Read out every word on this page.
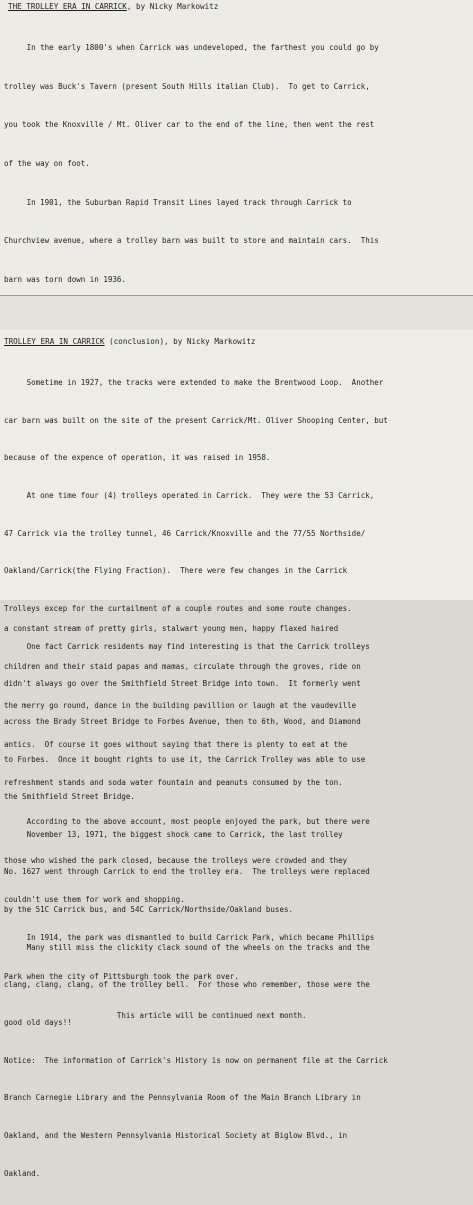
THE TROLLEY ERA IN CARRICK, by Nicky Markowitz

In the early 1800's when Carrick was undeveloped, the farthest you could go by

trolley was Buck's Tavern (present South Hills italian Club).  To get to Carrick,

you took the Knoxville / Mt. Oliver car to the end of the line, then went the rest

of the way on foot.

In 1901, the Suburban Rapid Transit Lines layed track through Carrick to

Churchview avenue, where a trolley barn was built to store and maintain cars.  This

barn was torn down in 1936.

a constant stream of pretty girls, stalwart young men, happy flaxed haired

children and their staid papas and mamas, circulate through the groves, ride on

the merry go round, dance in the building pavillion or laugh at the vaudeville

antics.  Of course it goes without saying that there is plenty to eat at the

refreshment stands and soda water fountain and peanuts consumed by the ton.

According to the above account, most people enjoyed the park, but there were

those who wished the park closed, because the trolleys were crowded and they

couldn't use them for work and shopping.

In 1914, the park was dismantled to build Carrick Park, which became Phillips

Park when the city of Pittsburgh took the park over.

This article will be continued next month.

TROLLEY ERA IN CARRICK (conclusion), by Nicky Markowitz

Sometime in 1927, the tracks were extended to make the Brentwood Loop.  Another

car barn was built on the site of the present Carrick/Mt. Oliver Shooping Center, but

because of the expence of operation, it was raised in 1958.

At one time four (4) trolleys operated in Carrick.  They were the 53 Carrick,

47 Carrick via the trolley tunnel, 46 Carrick/Knoxville and the 77/55 Northside/

Oakland/Carrick(the Flying Fraction).  There were few changes in the Carrick

Trolleys excep for the curtailment of a couple routes and some route changes.

One fact Carrick residents may find interesting is that the Carrick trolleys

didn't always go over the Smithfield Street Bridge into town.  It formerly went

across the Brady Street Bridge to Forbes Avenue, then to 6th, Wood, and Diamond

to Forbes.  Once it bought rights to use it, the Carrick Trolley was able to use

the Smithfield Street Bridge.

November 13, 1971, the biggest shock came to Carrick, the last trolley

No. 1627 went through Carrick to end the trolley era.  The trolleys were replaced

by the 51C Carrick bus, and 54C Carrick/Northside/Oakland buses.

Many still miss the clickity clack sound of the wheels on the tracks and the

clang, clang, clang, of the trolley bell.  For those who remember, those were the

good old days!!

Notice:  The information of Carrick's History is now on permanent file at the Carrick

Branch Carnegie Library and the Pennsylvania Room of the Main Branch Library in

Oakland, and the Western Pennsylvania Historical Society at Biglow Blvd., in

Oakland.
